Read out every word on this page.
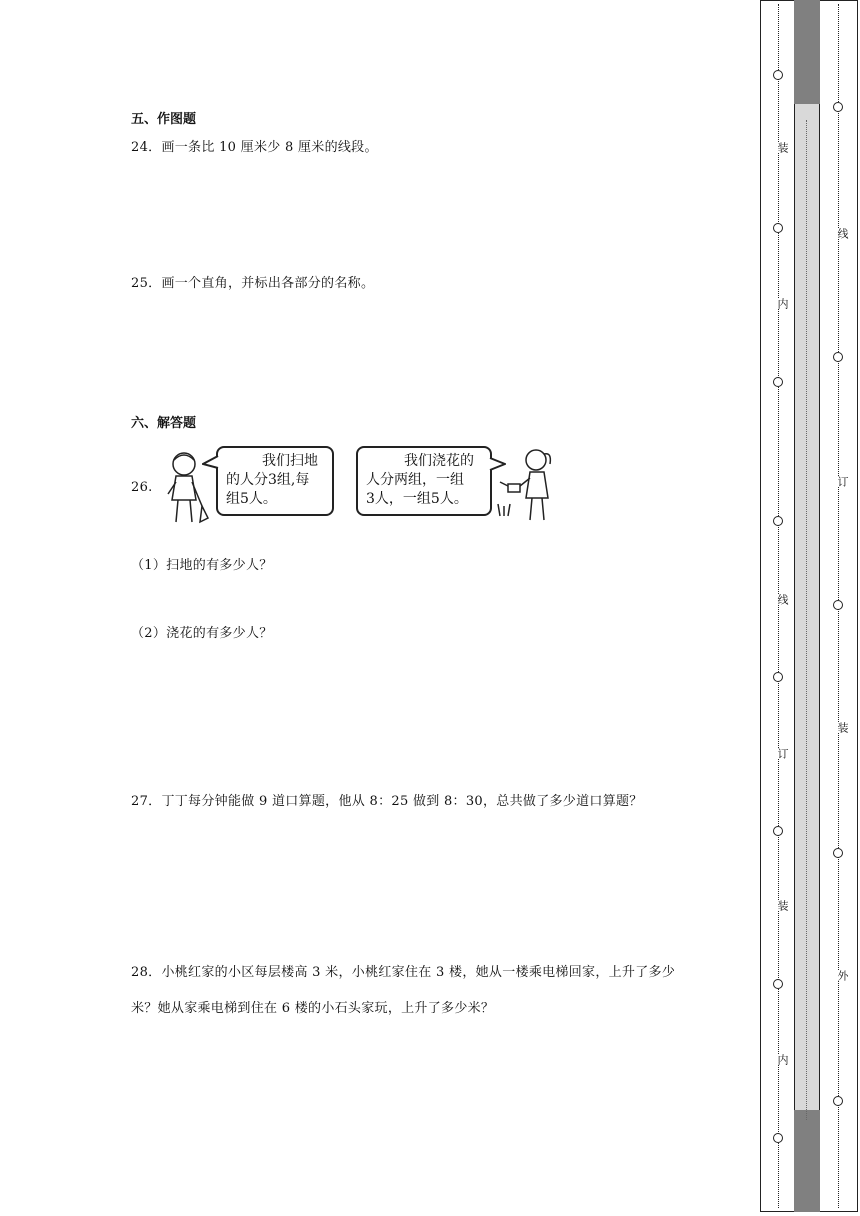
五、作图题
24．画一条比 10 厘米少 8 厘米的线段。
25．画一个直角，并标出各部分的名称。
六、解答题
26.
我们扫地
的人分3组,每
组5人。
我们浇花的
人分两组，一组
3人，一组5人。
（1）扫地的有多少人？
（2）浇花的有多少人？
27．丁丁每分钟能做 9 道口算题，他从 8：25 做到 8：30，总共做了多少道口算题？
28．小桃红家的小区每层楼高 3 米，小桃红家住在 3 楼，她从一楼乘电梯回家，上升了多少
米？她从家乘电梯到住在 6 楼的小石头家玩，上升了多少米？
装
内
线
订
装
内
线
订
装
外
